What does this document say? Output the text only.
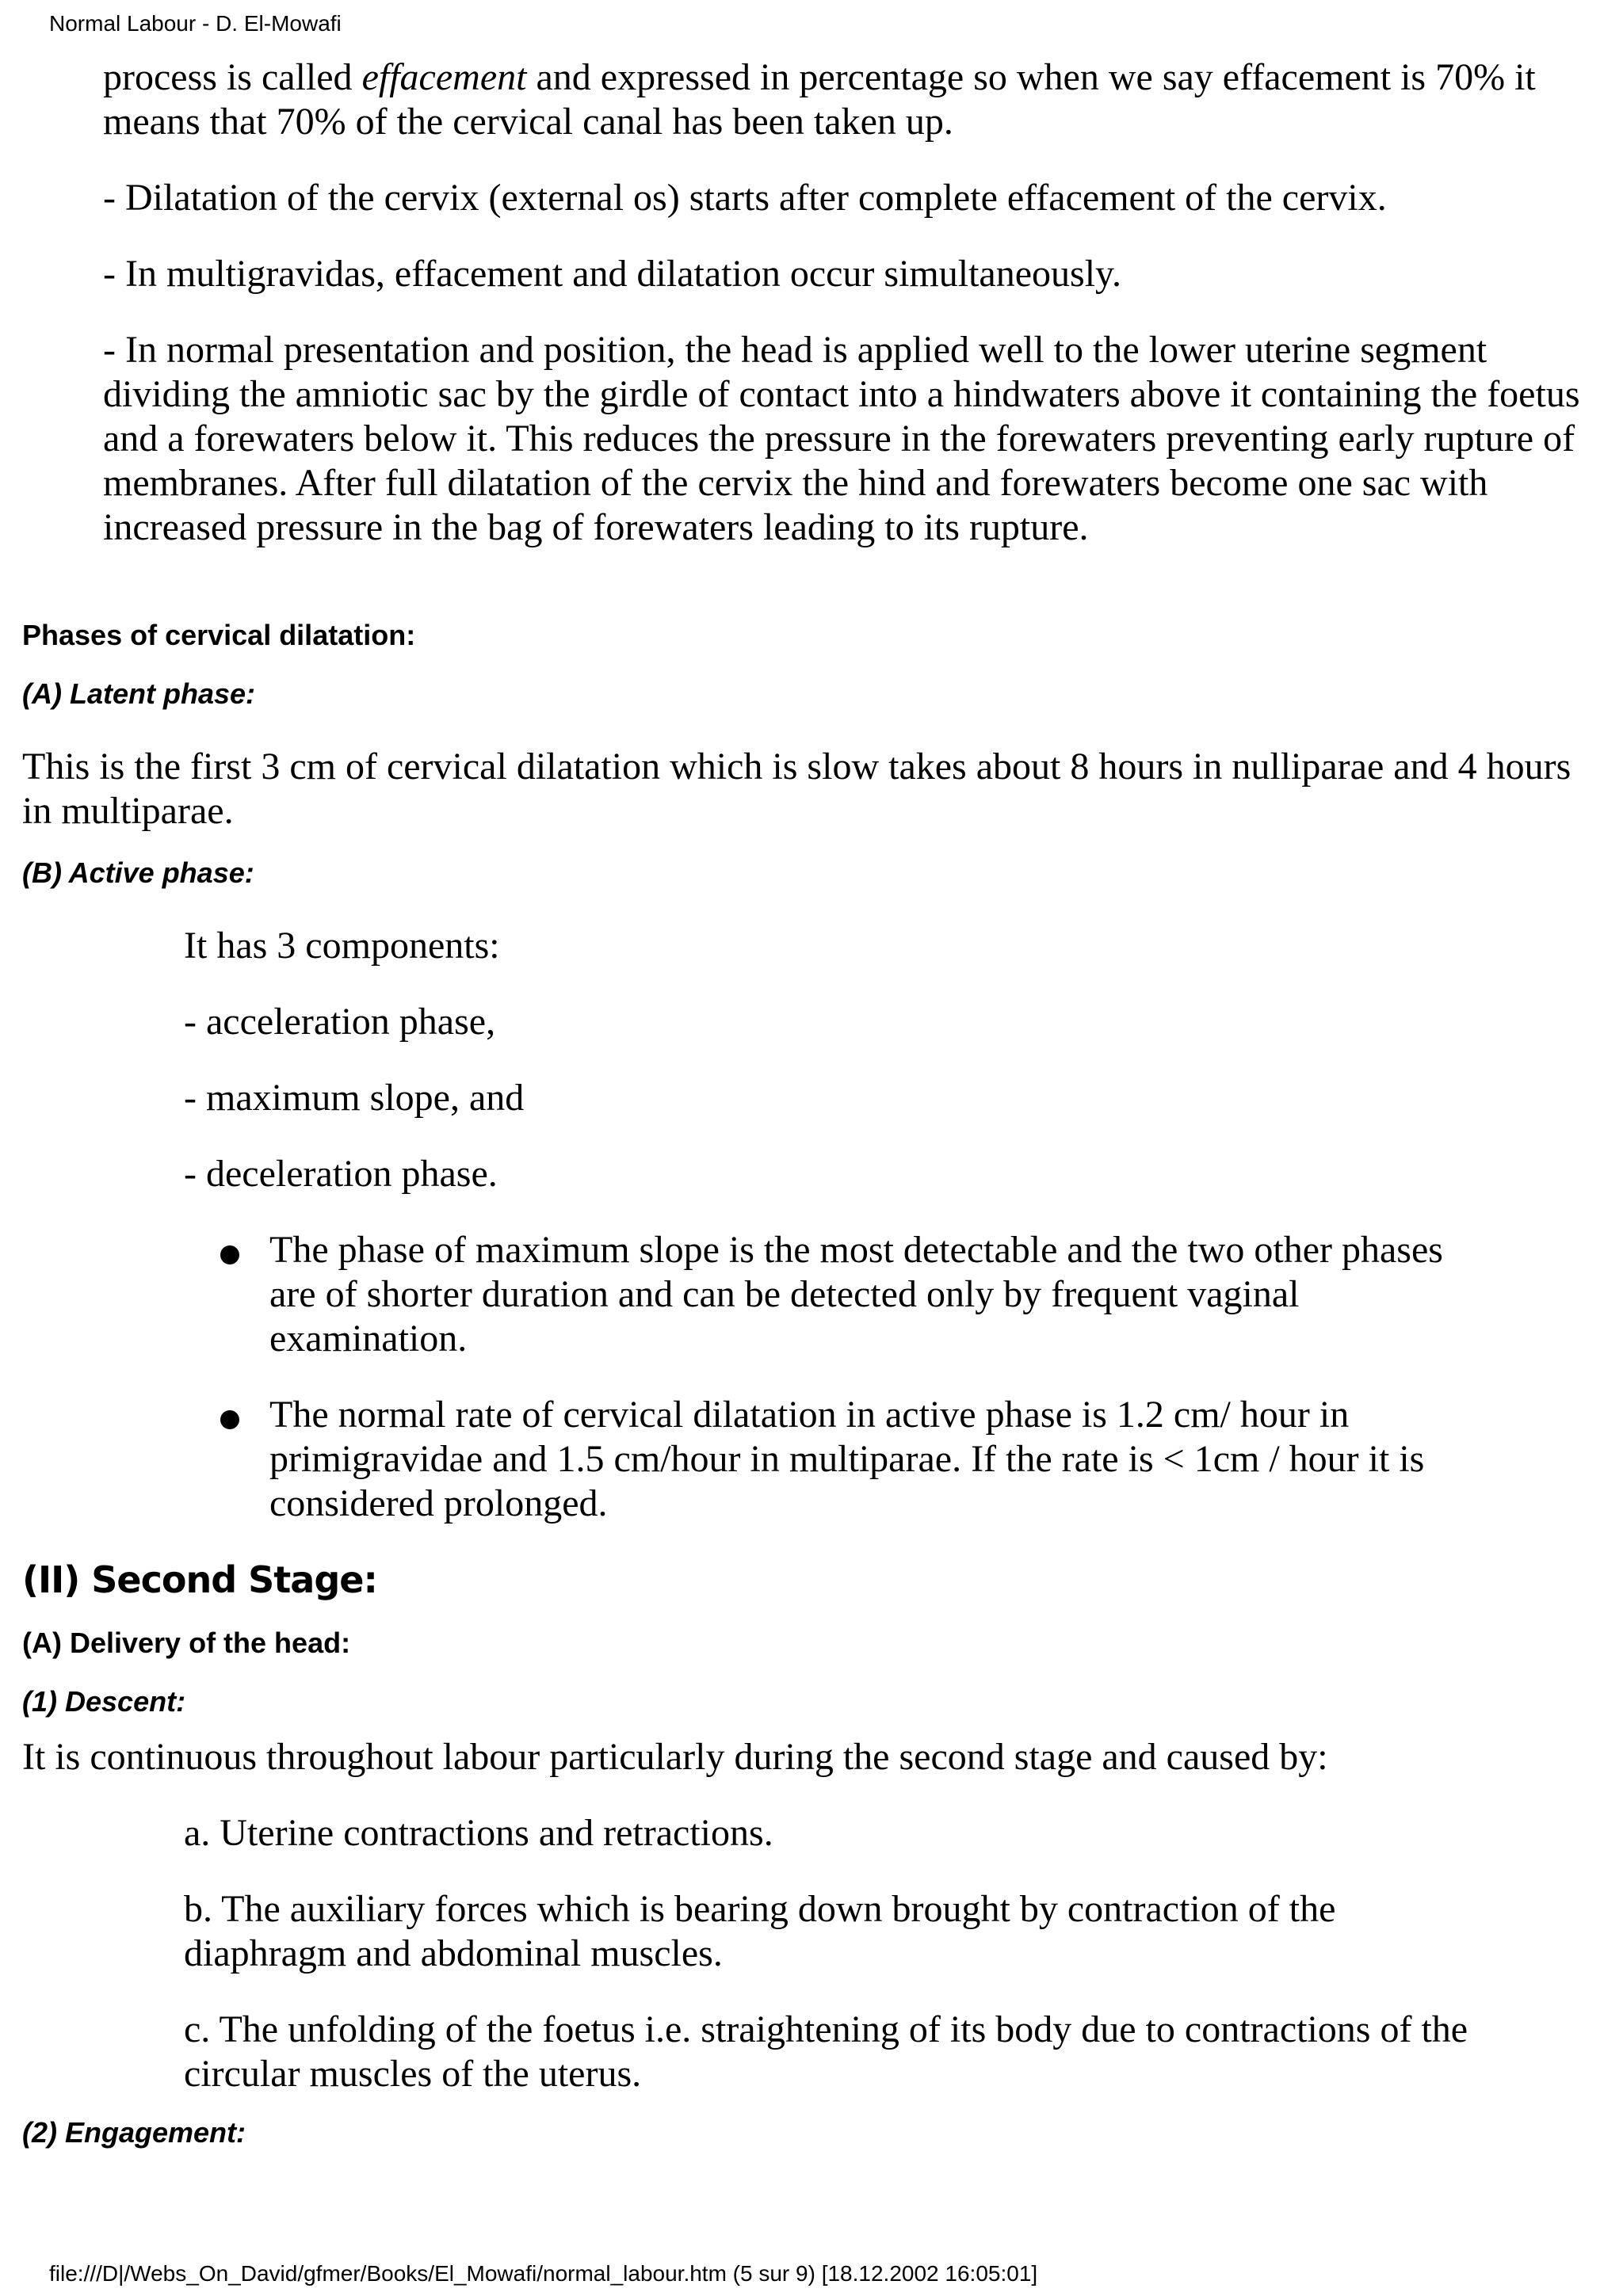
Normal Labour - D. El-Mowafi

process is called effacement and expressed in percentage so when we say effacement is 70% it means that 70% of the cervical canal has been taken up.

- Dilatation of the cervix (external os) starts after complete effacement of the cervix.

- In multigravidas, effacement and dilatation occur simultaneously.

- In normal presentation and position, the head is applied well to the lower uterine segment dividing the amniotic sac by the girdle of contact into a hindwaters above it containing the foetus and a forewaters below it. This reduces the pressure in the forewaters preventing early rupture of membranes. After full dilatation of the cervix the hind and forewaters become one sac with increased pressure in the bag of forewaters leading to its rupture.

Phases of cervical dilatation:
(A) Latent phase:

This is the first 3 cm of cervical dilatation which is slow takes about 8 hours in nulliparae and 4 hours in multiparae.

(B) Active phase:

It has 3 components:

- acceleration phase,

- maximum slope, and

- deceleration phase.

The phase of maximum slope is the most detectable and the two other phases are of shorter duration and can be detected only by frequent vaginal examination.
The normal rate of cervical dilatation in active phase is 1.2 cm/ hour in primigravidae and 1.5 cm/hour in multiparae. If the rate is < 1cm / hour it is considered prolonged.
(II) Second Stage:
(A) Delivery of the head:
(1) Descent:

It is continuous throughout labour particularly during the second stage and caused by:

a. Uterine contractions and retractions.

b. The auxiliary forces which is bearing down brought by contraction of the diaphragm and abdominal muscles.

c. The unfolding of the foetus i.e. straightening of its body due to contractions of the circular muscles of the uterus.

(2) Engagement:
file:///D|/Webs_On_David/gfmer/Books/El_Mowafi/normal_labour.htm (5 sur 9) [18.12.2002 16:05:01]
